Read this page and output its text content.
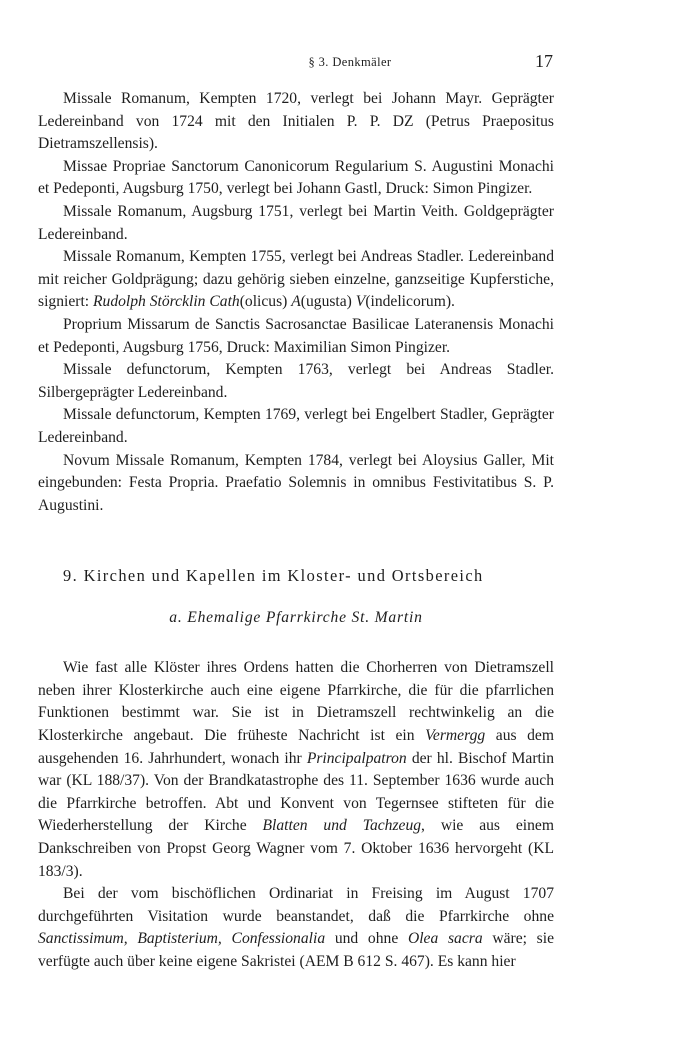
§ 3. Denkmäler	17

Missale Romanum, Kempten 1720, verlegt bei Johann Mayr. Geprägter Ledereinband von 1724 mit den Initialen P. P. DZ (Petrus Praepositus Dietramszellensis).

Missae Propriae Sanctorum Canonicorum Regularium S. Augustini Monachi et Pedeponti, Augsburg 1750, verlegt bei Johann Gastl, Druck: Simon Pingizer.

Missale Romanum, Augsburg 1751, verlegt bei Martin Veith. Goldgeprägter Ledereinband.

Missale Romanum, Kempten 1755, verlegt bei Andreas Stadler. Ledereinband mit reicher Goldprägung; dazu gehörig sieben einzelne, ganzseitige Kupferstiche, signiert: Rudolph Störcklin Cath(olicus) A(ugusta) V(indelicorum).

Proprium Missarum de Sanctis Sacrosanctae Basilicae Lateranensis Monachi et Pedeponti, Augsburg 1756, Druck: Maximilian Simon Pingizer.

Missale defunctorum, Kempten 1763, verlegt bei Andreas Stadler. Silbergeprägter Ledereinband.

Missale defunctorum, Kempten 1769, verlegt bei Engelbert Stadler, Geprägter Ledereinband.

Novum Missale Romanum, Kempten 1784, verlegt bei Aloysius Galler, Mit eingebunden: Festa Propria. Praefatio Solemnis in omnibus Festivitatibus S. P. Augustini.

9. Kirchen und Kapellen im Kloster- und Ortsbereich
a. Ehemalige Pfarrkirche St. Martin

Wie fast alle Klöster ihres Ordens hatten die Chorherren von Dietramszell neben ihrer Klosterkirche auch eine eigene Pfarrkirche, die für die pfarrlichen Funktionen bestimmt war. Sie ist in Dietramszell rechtwinkelig an die Klosterkirche angebaut. Die früheste Nachricht ist ein Vermergg aus dem ausgehenden 16. Jahrhundert, wonach ihr Principalpatron der hl. Bischof Martin war (KL 188/37). Von der Brandkatastrophe des 11. September 1636 wurde auch die Pfarrkirche betroffen. Abt und Konvent von Tegernsee stifteten für die Wiederherstellung der Kirche Blatten und Tachzeug, wie aus einem Dankschreiben von Propst Georg Wagner vom 7. Oktober 1636 hervorgeht (KL 183/3).

Bei der vom bischöflichen Ordinariat in Freising im August 1707 durchgeführten Visitation wurde beanstandet, daß die Pfarrkirche ohne Sanctissimum, Baptisterium, Confessionalia und ohne Olea sacra wäre; sie verfügte auch über keine eigene Sakristei (AEM B 612 S. 467). Es kann hier
